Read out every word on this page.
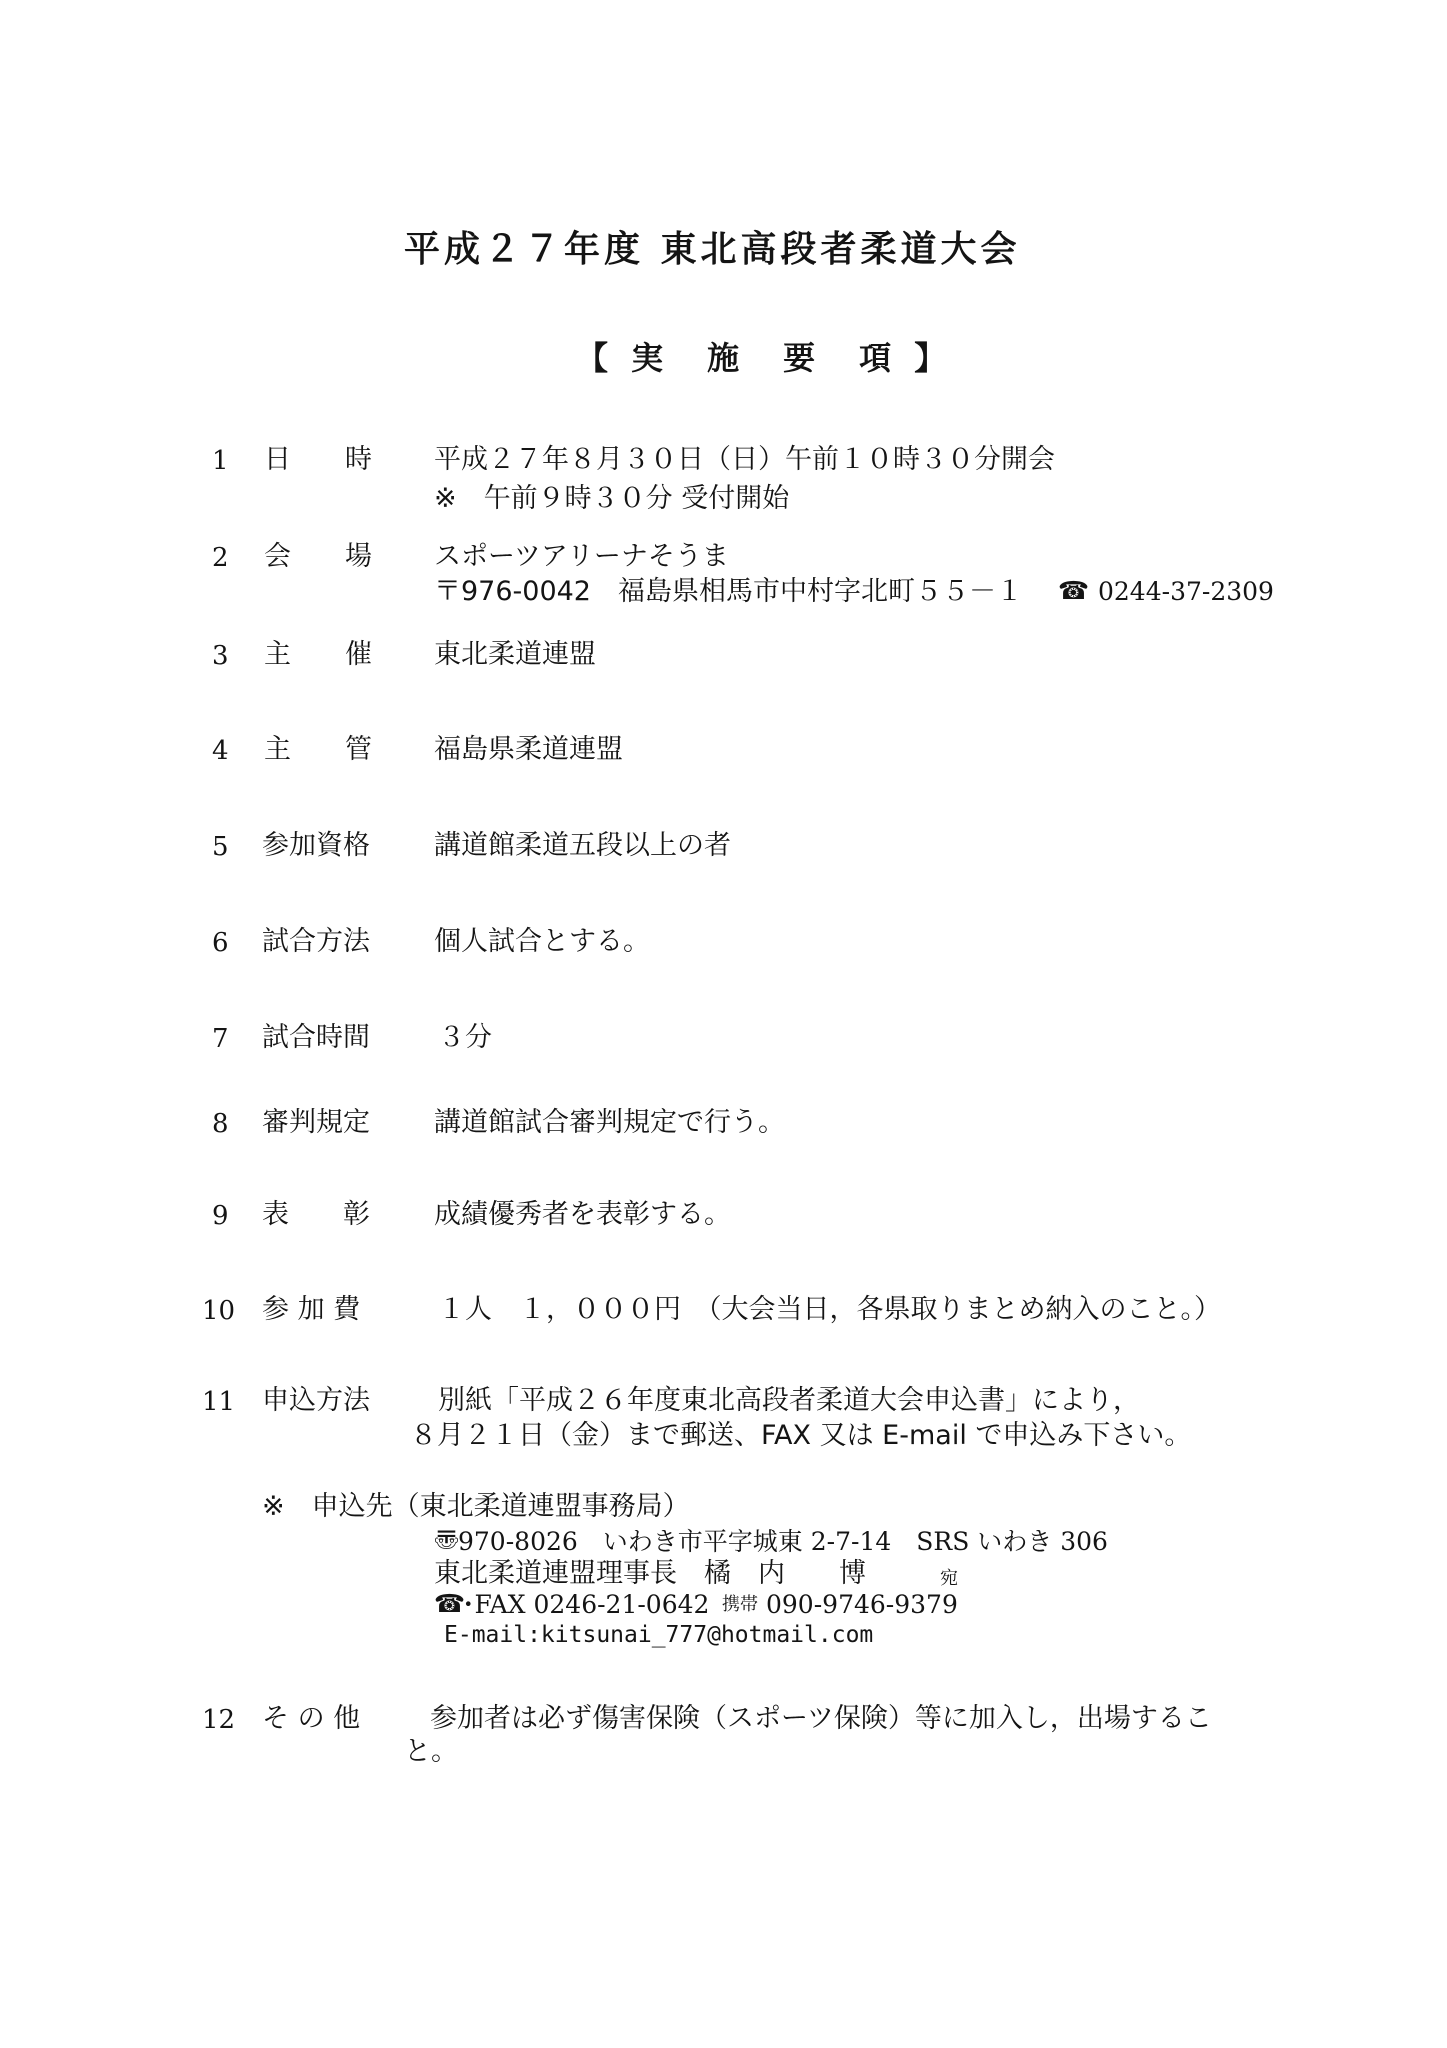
平成２７年度 東北高段者柔道大会
【 実　施　要　項 】
1 日　　時 平成２７年８月３０日（日）午前１０時３０分開会
※　午前９時３０分 受付開始
2 会　　場 スポーツアリーナそうま
〒976-0042　福島県相馬市中村字北町５５－１ ☎ 0244-37-2309
3 主　　催 東北柔道連盟
4 主　　管 福島県柔道連盟
5 参加資格 講道館柔道五段以上の者
6 試合方法 個人試合とする。
7 試合時間	３分
8 審判規定 講道館試合審判規定で行う。
9 表　　彰 成績優秀者を表彰する。
10 参 加 費	１人　１，０００円　（大会当日，各県取りまとめ納入のこと。）
11 申込方法	別紙「平成２６年度東北高段者柔道大会申込書」により，
８月２１日（金）まで郵送、FAX 又は E-mail で申込み下さい。
※　申込先（東北柔道連盟事務局）
〠
970-8026　いわき市平字城東 2-7-14　SRS いわき 306
東北柔道連盟理事長　橘　内　　博	宛
☎
･FAX 0246-21-0642 携帯 090-9746-9379
E-mail:kitsunai_777@hotmail.com
12 そ の 他	参加者は必ず傷害保険（スポーツ保険）等に加入し，出場するこ
と。
